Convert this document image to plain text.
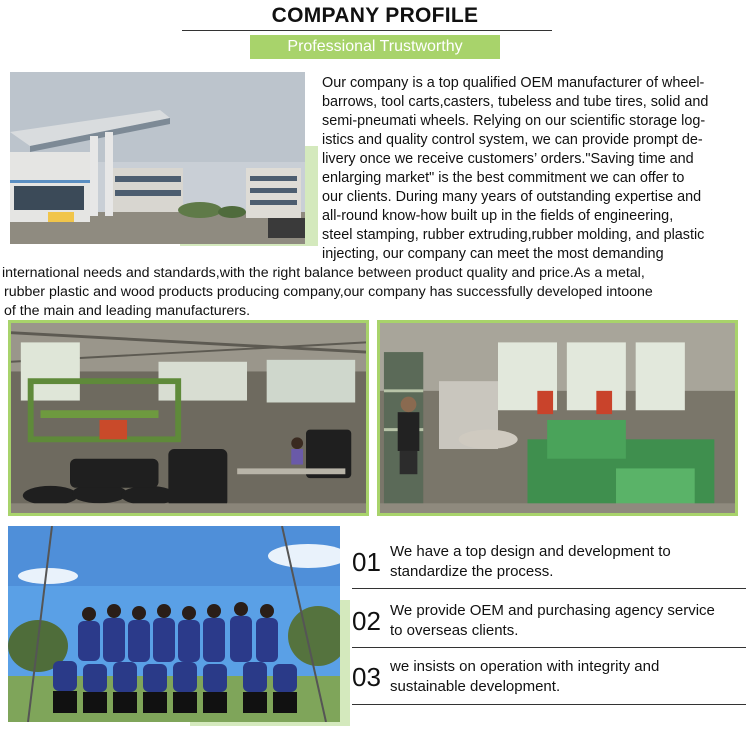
COMPANY PROFILE
Professional Trustworthy
Our company is a top qualified OEM manufacturer of wheel-
barrows, tool carts,casters, tubeless and tube tires, solid and
semi-pneumati wheels. Relying on our scientific storage log-
istics and quality control system, we can provide prompt de-
livery once we receive customers’ orders."Saving time and
enlarging market" is the best commitment we can offer to
our clients. During many years of outstanding expertise and
all-round know-how built up in the fields of engineering,
steel stamping, rubber extruding,rubber molding, and plastic
injecting, our company can meet the most demanding
international needs and standards,with the right balance between product quality and price.As a metal,
rubber plastic and wood products producing company,our company has successfully developed intoone
of the main and leading manufacturers.
01 We have a top design and development to
standardize the process.
02 We provide OEM and purchasing agency service
to overseas clients.
03 we insists on operation with integrity and
sustainable development.
